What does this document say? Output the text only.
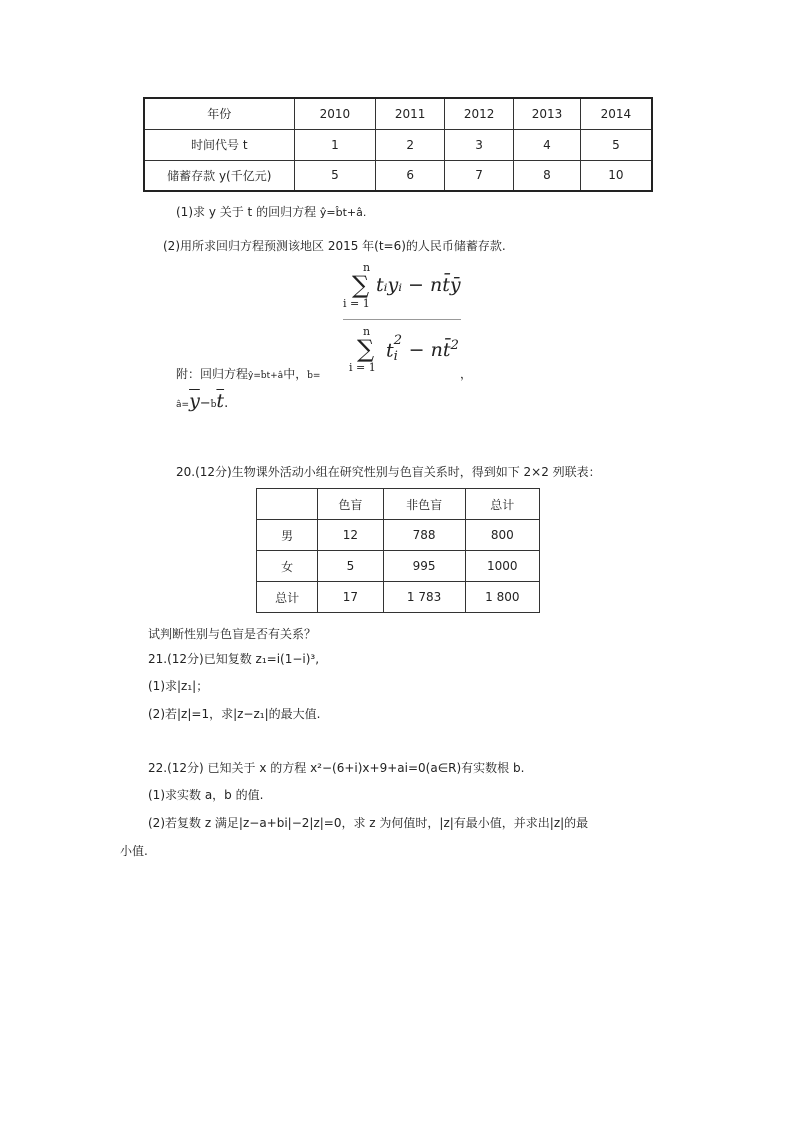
年份	2010	2011	2012	2013	2014
时间代号 t	1	2	3	4	5
储蓄存款 y(千亿元)	5	6	7	8	10
(1)求 y 关于 t 的回归方程 ŷ=b̂t+â.
(2)用所求回归方程预测该地区 2015 年(t=6)的人民币储蓄存款.
n
∑
i = 1
tᵢyᵢ − nt̄ȳ
n
∑
i = 1
t 2
i − nt̄$^2$
附：回归方程ŷ=b̂t+â中，b̂=	，
$â=\overline{y}-b̂\overline{t}$.
20.(12分)生物课外活动小组在研究性别与色盲关系时，得到如下 2×2 列联表：
	色盲	非色盲	总计
男	12	788	800
女	5	995	1000
总计	17	1 783	1 800
试判断性别与色盲是否有关系？
21.(12分)已知复数 z₁=i(1−i)³,
(1)求|z₁|；
(2)若|z|=1，求|z−z₁|的最大值.
22.(12分) 已知关于 x 的方程 x²−(6+i)x+9+ai=0(a∈R)有实数根 b.
(1)求实数 a，b 的值.
(2)若复数 z 满足|z−a+bi|−2|z|=0，求 z 为何值时，|z|有最小值，并求出|z|的最
小值.
